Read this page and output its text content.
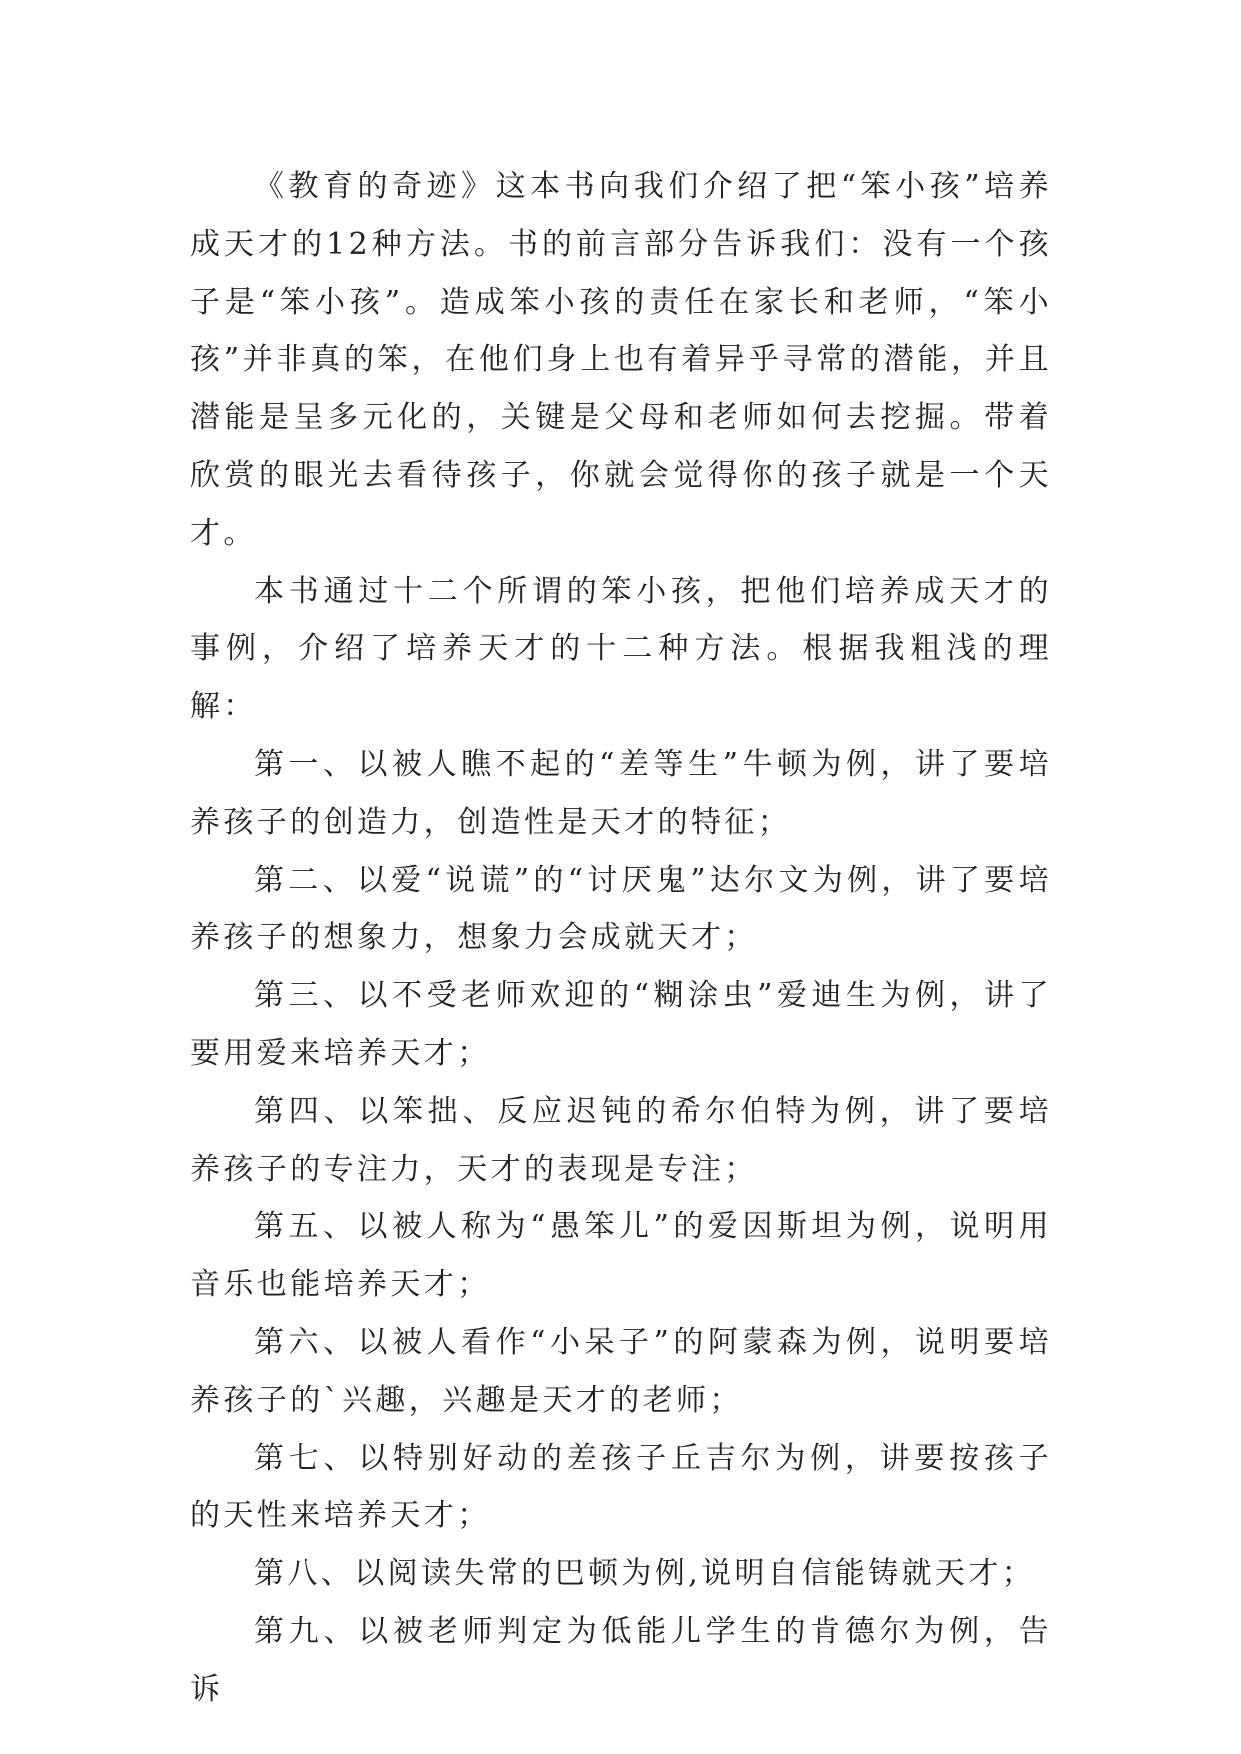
《教育的奇迹》这本书向我们介绍了把“笨小孩”培养成天才的12种方法。书的前言部分告诉我们：没有一个孩子是“笨小孩”。造成笨小孩的责任在家长和老师，“笨小孩”并非真的笨，在他们身上也有着异乎寻常的潜能，并且潜能是呈多元化的，关键是父母和老师如何去挖掘。带着欣赏的眼光去看待孩子，你就会觉得你的孩子就是一个天才。

本书通过十二个所谓的笨小孩，把他们培养成天才的事例，介绍了培养天才的十二种方法。根据我粗浅的理解：

第一、以被人瞧不起的“差等生”牛顿为例，讲了要培养孩子的创造力，创造性是天才的特征；

第二、以爱“说谎”的“讨厌鬼”达尔文为例，讲了要培养孩子的想象力，想象力会成就天才；

第三、以不受老师欢迎的“糊涂虫”爱迪生为例，讲了要用爱来培养天才；

第四、以笨拙、反应迟钝的希尔伯特为例，讲了要培养孩子的专注力，天才的表现是专注；

第五、以被人称为“愚笨儿”的爱因斯坦为例，说明用音乐也能培养天才；

第六、以被人看作“小呆子”的阿蒙森为例，说明要培养孩子的`兴趣，兴趣是天才的老师；

第七、以特别好动的差孩子丘吉尔为例，讲要按孩子的天性来培养天才；

第八、以阅读失常的巴顿为例,说明自信能铸就天才；

第九、以被老师判定为低能儿学生的肯德尔为例，告诉
